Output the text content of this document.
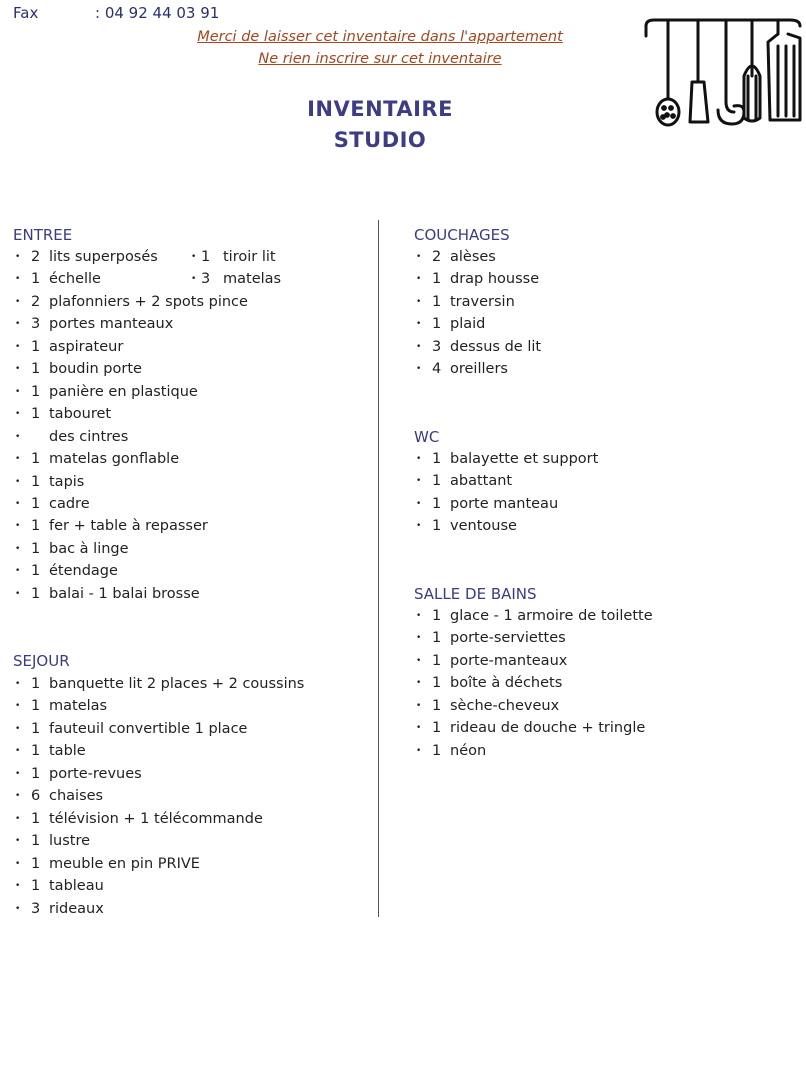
Fax	: 04 92 44 03 91
Merci de laisser cet inventaire dans l'appartement
Ne rien inscrire sur cet inventaire
INVENTAIRE
STUDIO
ENTREE
• 2 lits superposés	• 1 tiroir lit
• 1 échelle	• 3 matelas
• 2 plafonniers + 2 spots pince
• 3 portes manteaux
• 1 aspirateur
• 1 boudin porte
• 1 panière en plastique
• 1 tabouret
• des cintres
• 1 matelas gonflable
• 1 tapis
• 1 cadre
• 1 fer + table à repasser
• 1 bac à linge
• 1 étendage
• 1 balai - 1 balai brosse
SEJOUR
• 1 banquette lit 2 places + 2 coussins
• 1 matelas
• 1 fauteuil convertible 1 place
• 1 table
• 1 porte-revues
• 6 chaises
• 1 télévision + 1 télécommande
• 1 lustre
• 1 meuble en pin PRIVE
• 1 tableau
• 3 rideaux
COUCHAGES
• 2 alèses
• 1 drap housse
• 1 traversin
• 1 plaid
• 3 dessus de lit
• 4 oreillers
WC
• 1 balayette et support
• 1 abattant
• 1 porte manteau
• 1 ventouse
SALLE DE BAINS
• 1 glace - 1 armoire de toilette
• 1 porte-serviettes
• 1 porte-manteaux
• 1 boîte à déchets
• 1 sèche-cheveux
• 1 rideau de douche + tringle
• 1 néon
